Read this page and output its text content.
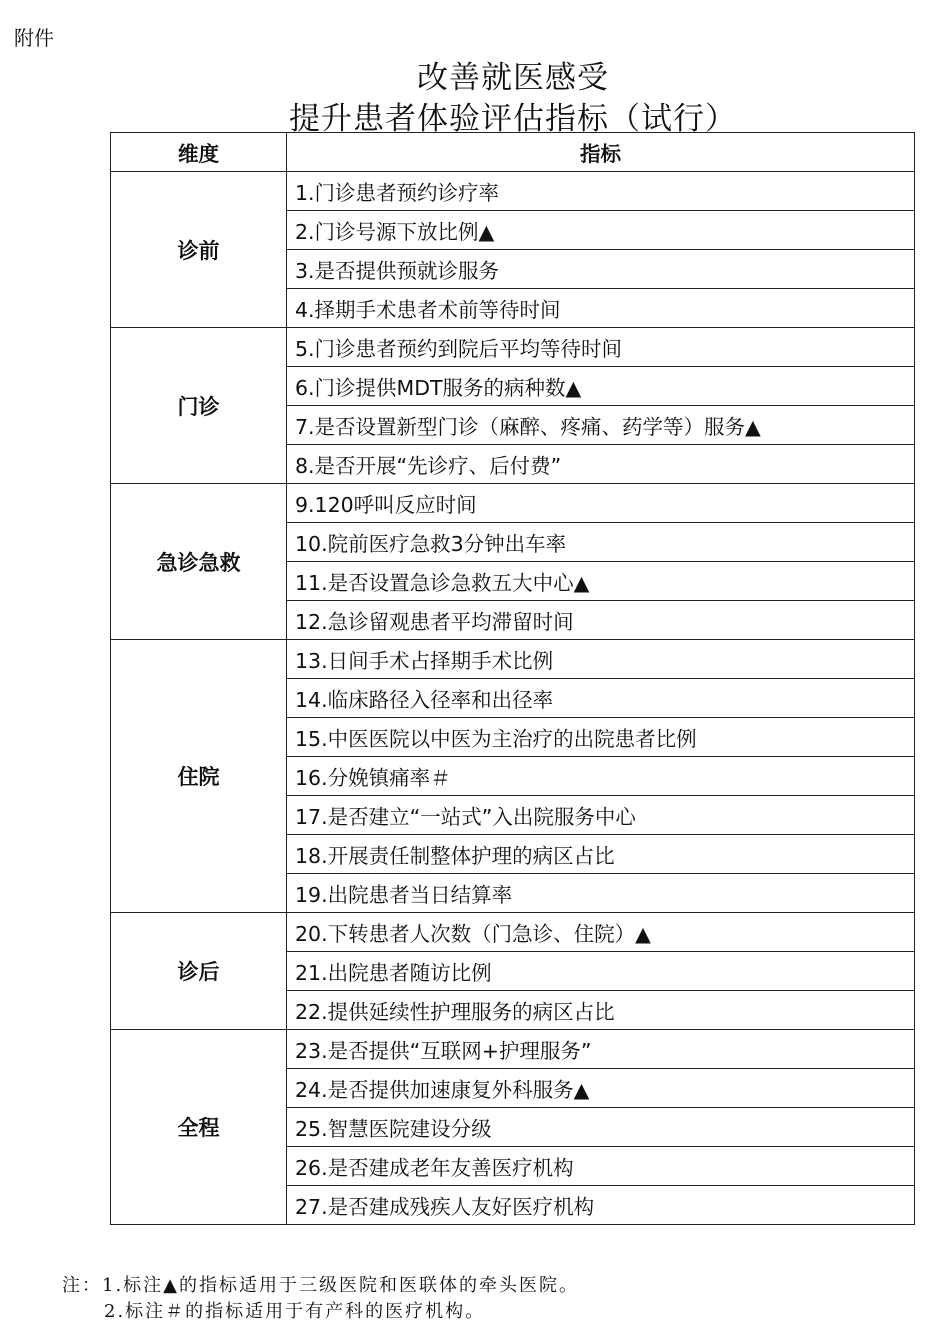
附件
改善就医感受
提升患者体验评估指标（试行）
维度	指标
诊前	1.门诊患者预约诊疗率
	2.门诊号源下放比例▲
	3.是否提供预就诊服务
	4.择期手术患者术前等待时间
门诊	5.门诊患者预约到院后平均等待时间
	6.门诊提供MDT服务的病种数▲
	7.是否设置新型门诊（麻醉、疼痛、药学等）服务▲
	8.是否开展“先诊疗、后付费”
急诊急救	9.120呼叫反应时间
	10.院前医疗急救3分钟出车率
	11.是否设置急诊急救五大中心▲
	12.急诊留观患者平均滞留时间
住院	13.日间手术占择期手术比例
	14.临床路径入径率和出径率
	15.中医医院以中医为主治疗的出院患者比例
	16.分娩镇痛率＃
	17.是否建立“一站式”入出院服务中心
	18.开展责任制整体护理的病区占比
	19.出院患者当日结算率
诊后	20.下转患者人次数（门急诊、住院）▲
	21.出院患者随访比例
	22.提供延续性护理服务的病区占比
全程	23.是否提供“互联网+护理服务”
	24.是否提供加速康复外科服务▲
	25.智慧医院建设分级
	26.是否建成老年友善医疗机构
	27.是否建成残疾人友好医疗机构
注：1.标注▲的指标适用于三级医院和医联体的牵头医院。
2.标注＃的指标适用于有产科的医疗机构。
